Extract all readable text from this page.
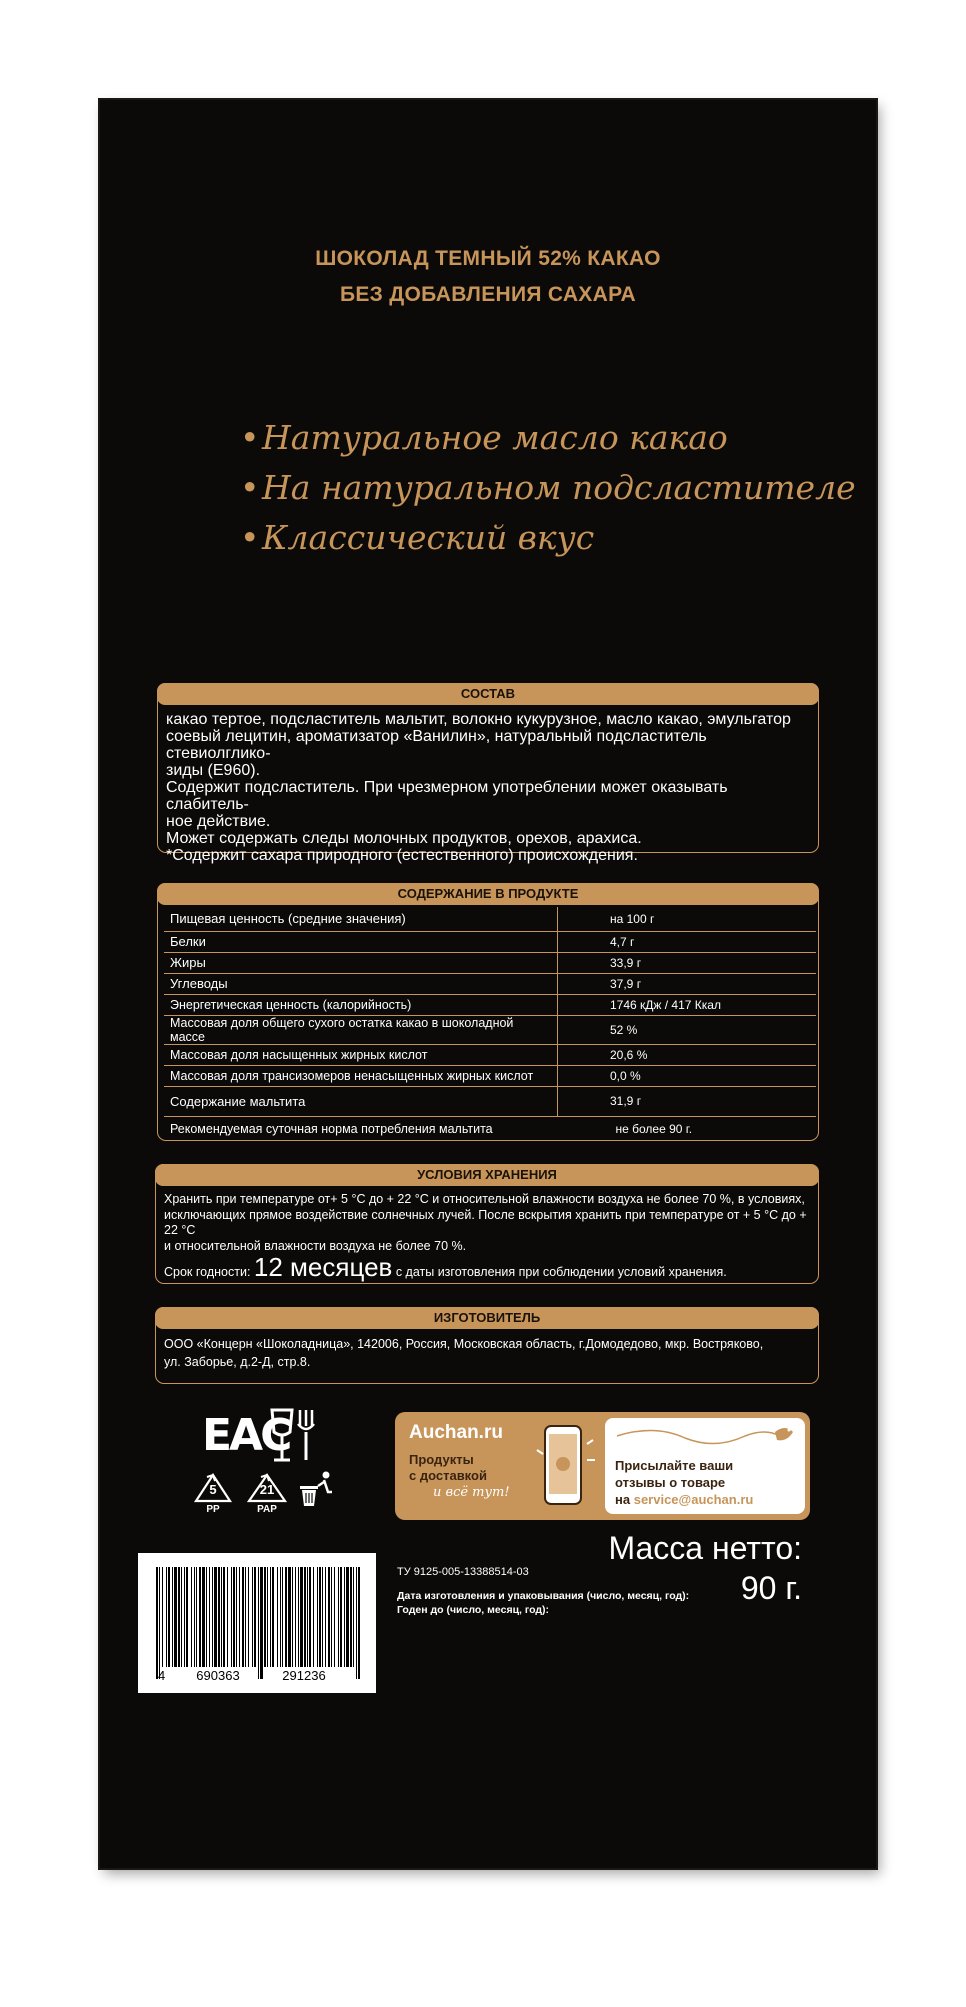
ШОКОЛАД ТЕМНЫЙ 52% КАКАО
БЕЗ ДОБАВЛЕНИЯ САХАРА
•Натуральное масло какао
•На натуральном подсластителе
•Классический вкус
СОСТАВ

какао тертое, подсластитель мальтит, волокно кукурузное, масло какао, эмульгатор

соевый лецитин, ароматизатор «Ванилин», натуральный подсластитель стевиолглико-

зиды (Е960).

Содержит подсластитель. При чрезмерном употреблении может оказывать слабитель-

ное действие.

Может содержать следы молочных продуктов, орехов, арахиса.

*Содержит сахара природного (естественного) происхождения.

СОДЕРЖАНИЕ В ПРОДУКТЕ
Пищевая ценность (средние значения)	на 100 г
Белки	4,7 г
Жиры	33,9 г
Углеводы	37,9 г
Энергетическая ценность (калорийность)	1746 кДж / 417 Ккал
Массовая доля общего сухого остатка какао в шоколадной массе	52 %
Массовая доля насыщенных жирных кислот	20,6 %
Массовая доля трансизомеров ненасыщенных жирных кислот	0,0 %
Содержание мальтита	31,9 г
Рекомендуемая суточная норма потребления мальтита	не более 90 г.
УСЛОВИЯ ХРАНЕНИЯ

Хранить при температуре от+ 5 °С до + 22 °С и относительной влажности воздуха не более 70 %, в условиях,

исключающих прямое воздействие солнечных лучей. После вскрытия хранить при температуре от + 5 °С до + 22 °С

и относительной влажности воздуха не более 70 %.

Срок годности: 12 месяцев с даты изготовления при соблюдении условий хранения.

ИЗГОТОВИТЕЛЬ

ООО «Концерн «Шоколадница», 142006, Россия, Московская область, г.Домодедово, мкр. Востряково,

ул. Заборье, д.2-Д, стр.8.

ЕАС
5
PP
21
PAP
Auchan.ru
Продукты
с доставкой
и всё тут!
Присылайте ваши
отзывы о товаре
на service@auchan.ru
4	690363	291236
ТУ 9125-005-13388514-03
Дата изготовления и упаковывания (число, месяц, год):
Годен до (число, месяц, год):
Масса нетто:
90 г.
